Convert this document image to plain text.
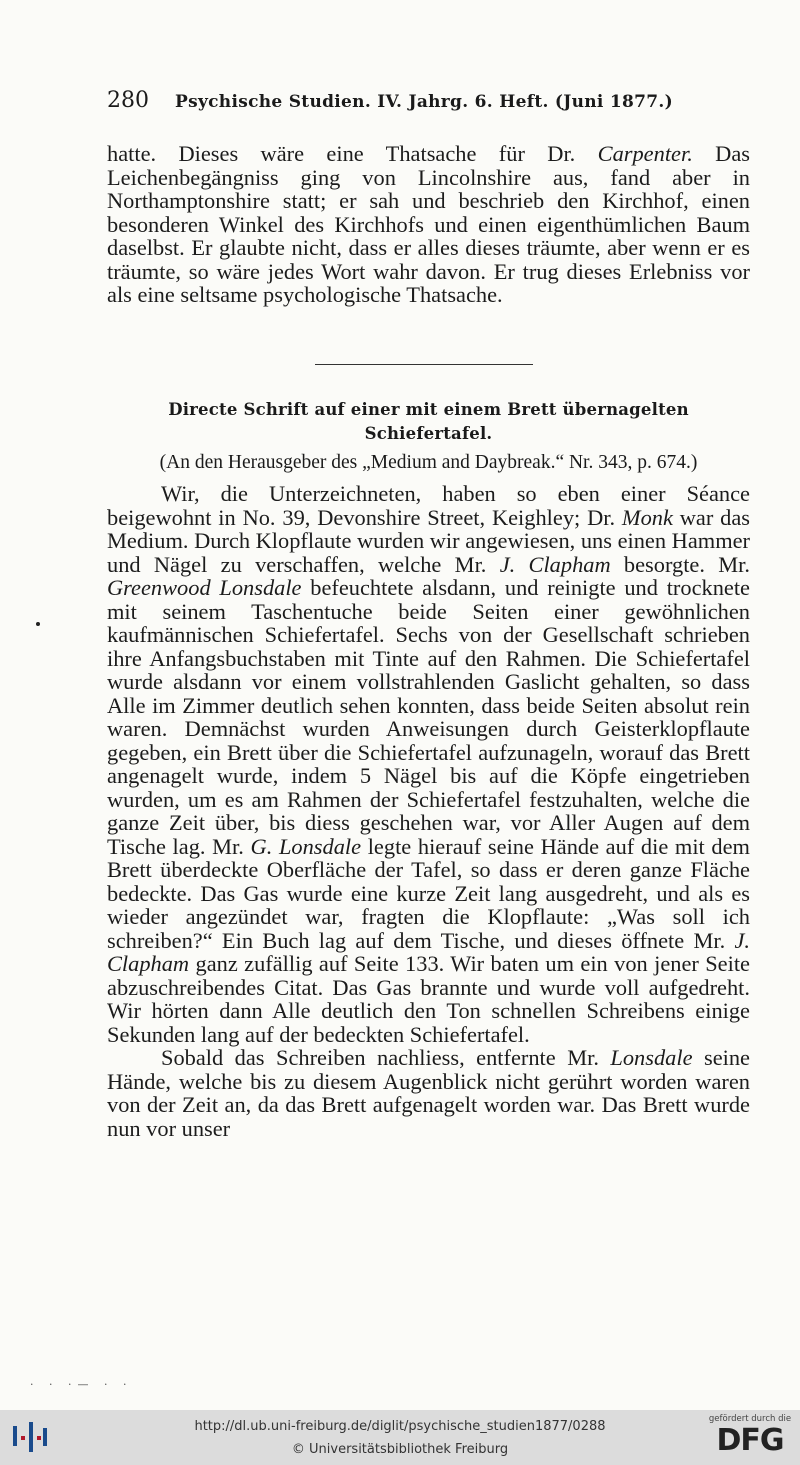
280 Psychische Studien. IV. Jahrg. 6. Heft. (Juni 1877.)

hatte. Dieses wäre eine Thatsache für Dr. Carpenter. Das Leichenbegängniss ging von Lincolnshire aus, fand aber in Northamptonshire statt; er sah und beschrieb den Kirchhof, einen besonderen Winkel des Kirchhofs und einen eigenthümlichen Baum daselbst. Er glaubte nicht, dass er alles dieses träumte, aber wenn er es träumte, so wäre jedes Wort wahr davon. Er trug dieses Erlebniss vor als eine seltsame psychologische Thatsache.

Directe Schrift auf einer mit einem Brett übernagelten
Schiefertafel.
(An den Herausgeber des „Medium and Daybreak.“ Nr. 343, p. 674.)

Wir, die Unterzeichneten, haben so eben einer Séance beigewohnt in No. 39, Devonshire Street, Keighley; Dr. Monk war das Medium. Durch Klopflaute wurden wir angewiesen, uns einen Hammer und Nägel zu verschaffen, welche Mr. J. Clapham besorgte. Mr. Greenwood Lonsdale befeuchtete alsdann, und reinigte und trocknete mit seinem Taschentuche beide Seiten einer gewöhnlichen kaufmännischen Schiefertafel. Sechs von der Gesellschaft schrieben ihre Anfangsbuchstaben mit Tinte auf den Rahmen. Die Schiefertafel wurde alsdann vor einem vollstrahlenden Gaslicht gehalten, so dass Alle im Zimmer deutlich sehen konnten, dass beide Seiten absolut rein waren. Demnächst wurden Anweisungen durch Geisterklopflaute gegeben, ein Brett über die Schiefertafel aufzunageln, worauf das Brett angenagelt wurde, indem 5 Nägel bis auf die Köpfe eingetrieben wurden, um es am Rahmen der Schiefertafel festzuhalten, welche die ganze Zeit über, bis diess geschehen war, vor Aller Augen auf dem Tische lag. Mr. G. Lonsdale legte hierauf seine Hände auf die mit dem Brett überdeckte Oberfläche der Tafel, so dass er deren ganze Fläche bedeckte. Das Gas wurde eine kurze Zeit lang ausgedreht, und als es wieder angezündet war, fragten die Klopflaute: „Was soll ich schreiben?“ Ein Buch lag auf dem Tische, und dieses öffnete Mr. J. Clapham ganz zufällig auf Seite 133. Wir baten um ein von jener Seite abzuschreibendes Citat. Das Gas brannte und wurde voll aufgedreht. Wir hörten dann Alle deutlich den Ton schnellen Schreibens einige Sekunden lang auf der bedeckten Schiefertafel.

Sobald das Schreiben nachliess, entfernte Mr. Lonsdale seine Hände, welche bis zu diesem Augenblick nicht gerührt worden waren von der Zeit an, da das Brett aufgenagelt worden war. Das Brett wurde nun vor unser

· · ·— · ·
http://dl.ub.uni-freiburg.de/diglit/psychische_studien1877/0288
© Universitätsbibliothek Freiburg
gefördert durch die
DFG
